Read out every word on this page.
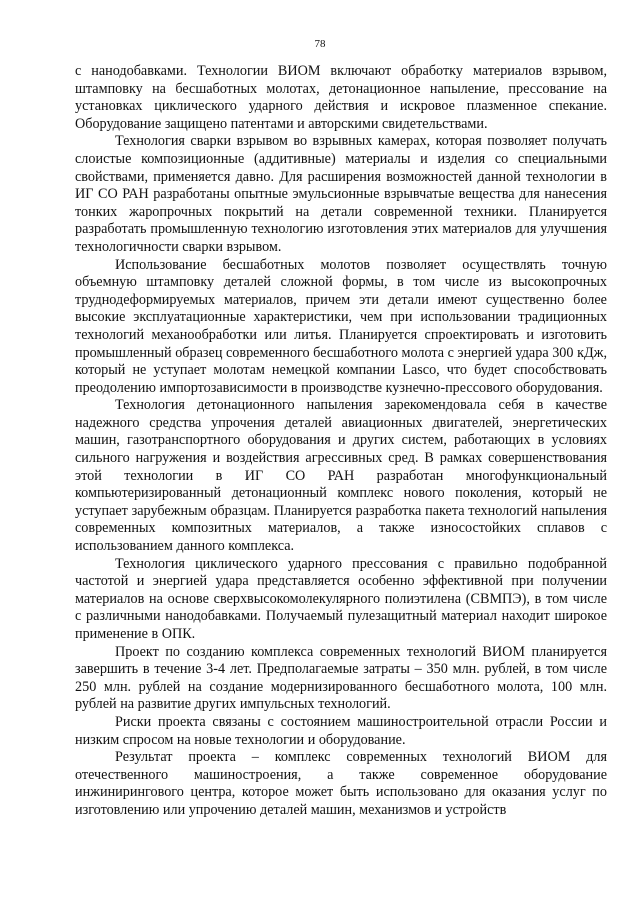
78

с нанодобавками. Технологии ВИОМ включают обработку материалов взрывом, штамповку на бесшаботных молотах, детонационное напыление, прессование на установках циклического ударного действия и искровое плазменное спекание. Оборудование защищено патентами и авторскими свидетельствами.

Технология сварки взрывом во взрывных камерах, которая позволяет получать слоистые композиционные (аддитивные) материалы и изделия со специальными свойствами, применяется давно. Для расширения возможностей данной технологии в ИГ СО РАН разработаны опытные эмульсионные взрывчатые вещества для нанесения тонких жаропрочных покрытий на детали современной техники. Планируется разработать промышленную технологию изготовления этих материалов для улучшения технологичности сварки взрывом.

Использование бесшаботных молотов позволяет осуществлять точную объемную штамповку деталей сложной формы, в том числе из высокопрочных труднодеформируемых материалов, причем эти детали имеют существенно более высокие эксплуатационные характеристики, чем при использовании традиционных технологий механообработки или литья. Планируется спроектировать и изготовить промышленный образец современного бесшаботного молота с энергией удара 300 кДж, который не уступает молотам немецкой компании Lasco, что будет способствовать преодолению импортозависимости в производстве кузнечно-прессового оборудования.

Технология детонационного напыления зарекомендовала себя в качестве надежного средства упрочения деталей авиационных двигателей, энергетических машин, газотранспортного оборудования и других систем, работающих в условиях сильного нагружения и воздействия агрессивных сред. В рамках совершенствования этой технологии в ИГ СО РАН разработан многофункциональный компьютеризированный детонационный комплекс нового поколения, который не уступает зарубежным образцам. Планируется разработка пакета технологий напыления современных композитных материалов, а также износостойких сплавов с использованием данного комплекса.

Технология циклического ударного прессования с правильно подобранной частотой и энергией удара представляется особенно эффективной при получении материалов на основе сверхвысокомолекулярного полиэтилена (СВМПЭ), в том числе с различными нанодобавками. Получаемый пулезащитный материал находит широкое применение в ОПК.

Проект по созданию комплекса современных технологий ВИОМ планируется завершить в течение 3-4 лет. Предполагаемые затраты – 350 млн. рублей, в том числе 250 млн. рублей на создание модернизированного бесшаботного молота, 100 млн. рублей на развитие других импульсных технологий.

Риски проекта связаны с состоянием машиностроительной отрасли России и низким спросом на новые технологии и оборудование.

Результат проекта – комплекс современных технологий ВИОМ для отечественного машиностроения, а также современное оборудование инжинирингового центра, которое может быть использовано для оказания услуг по изготовлению или упрочению деталей машин, механизмов и устройств
